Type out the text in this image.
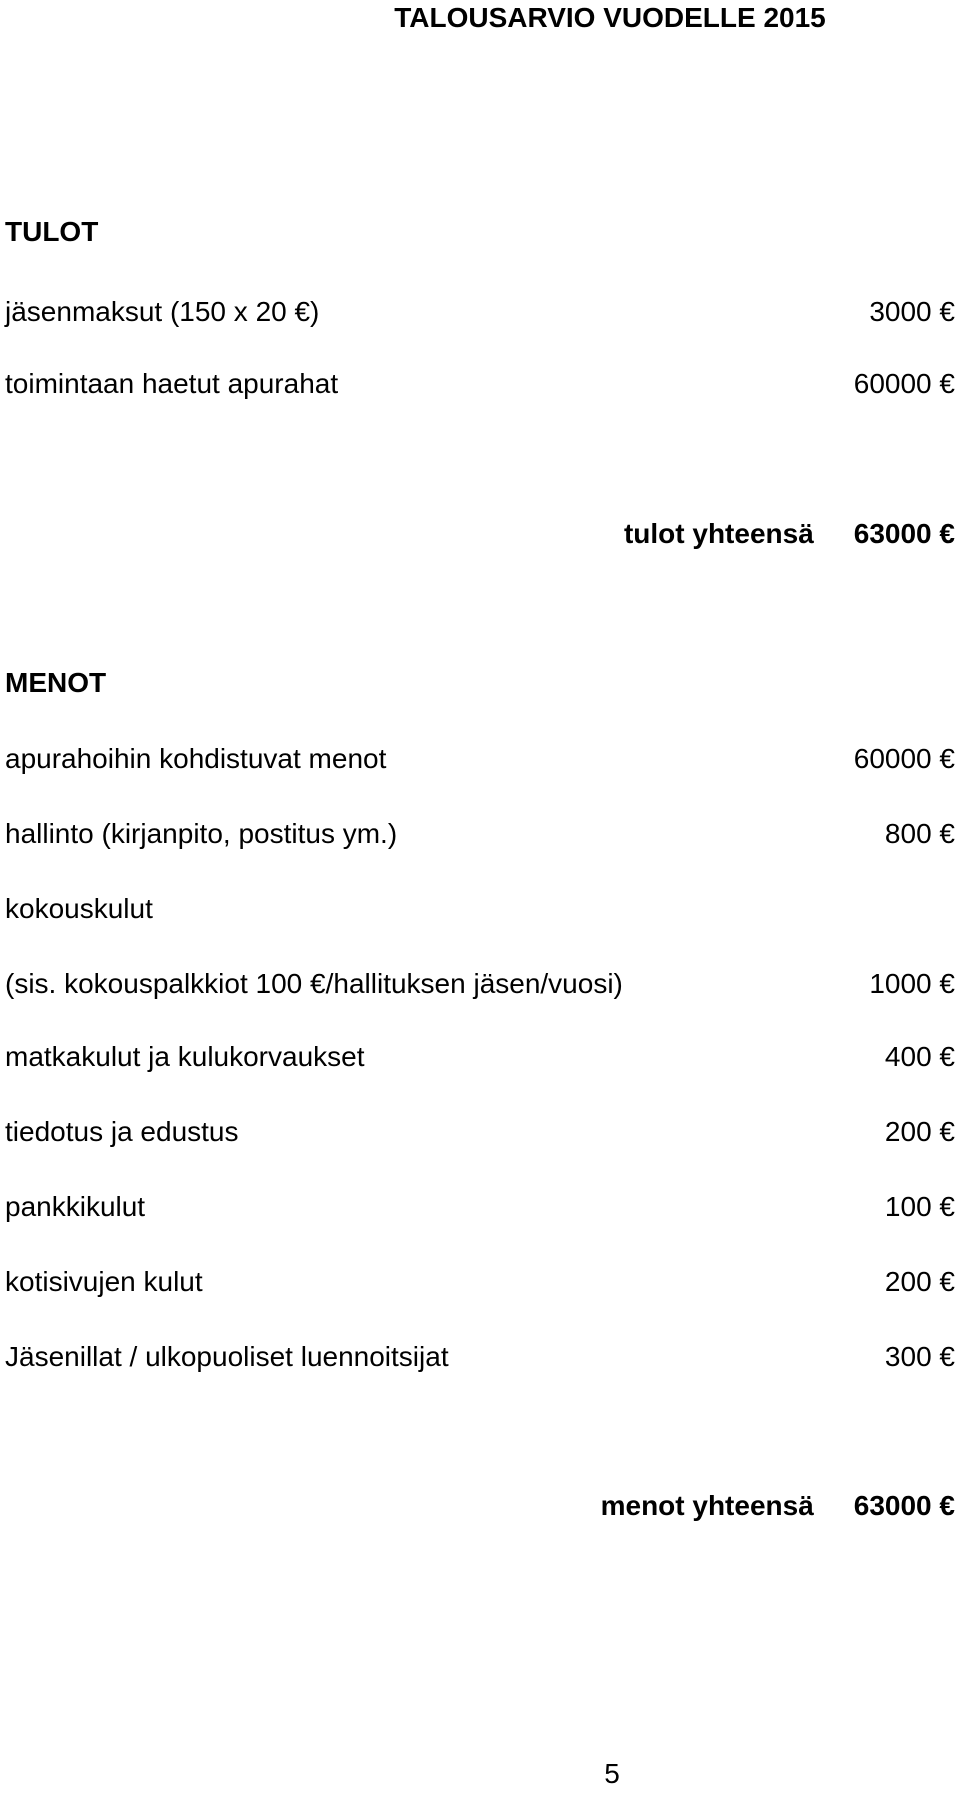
TALOUSARVIO VUODELLE 2015
TULOT
jäsenmaksut (150 x 20 €)	3000 €
toimintaan haetut apurahat	60000 €
tulot yhteensä 63000 €
MENOT
apurahoihin kohdistuvat menot	60000 €
hallinto (kirjanpito, postitus ym.)	800 €
kokouskulut
(sis. kokouspalkkiot 100 €/hallituksen jäsen/vuosi)	1000 €
matkakulut ja kulukorvaukset	400 €
tiedotus ja edustus	200 €
pankkikulut	100 €
kotisivujen kulut	200 €
Jäsenillat / ulkopuoliset luennoitsijat	300 €
menot yhteensä 63000 €
5
